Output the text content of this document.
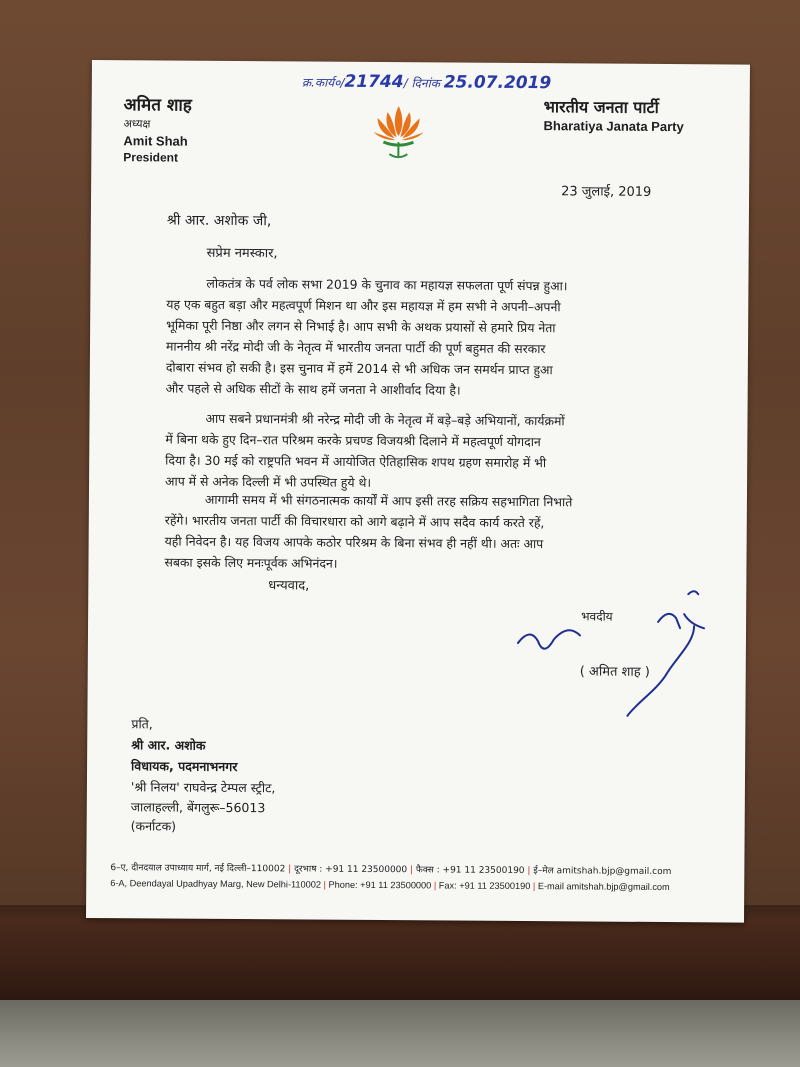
क्र.कार्य०/21744/ दिनांक 25.07.2019
अमित शाह
अध्यक्ष
Amit Shah
President
भारतीय जनता पार्टी
Bharatiya Janata Party
23 जुलाई, 2019
श्री आर. अशोक जी,
सप्रेम नमस्कार,
लोकतंत्र के पर्व लोक सभा 2019 के चुनाव का महायज्ञ सफलता पूर्ण संपन्न हुआ।
यह एक बहुत बड़ा और महत्वपूर्ण मिशन था और इस महायज्ञ में हम सभी ने अपनी–अपनी
भूमिका पूरी निष्ठा और लगन से निभाई है। आप सभी के अथक प्रयासों से हमारे प्रिय नेता
माननीय श्री नरेंद्र मोदी जी के नेतृत्व में भारतीय जनता पार्टी की पूर्ण बहुमत की सरकार
दोबारा संभव हो सकी है। इस चुनाव में हमें 2014 से भी अधिक जन समर्थन प्राप्त हुआ
और पहले से अधिक सीटों के साथ हमें जनता ने आशीर्वाद दिया है।
आप सबने प्रधानमंत्री श्री नरेन्द्र मोदी जी के नेतृत्व में बड़े–बड़े अभियानों, कार्यक्रमों
में बिना थके हुए दिन–रात परिश्रम करके प्रचण्ड विजयश्री दिलाने में महत्वपूर्ण योगदान
दिया है। 30 मई को राष्ट्रपति भवन में आयोजित ऐतिहासिक शपथ ग्रहण समारोह में भी
आप में से अनेक दिल्ली में भी उपस्थित हुये थे।
आगामी समय में भी संगठनात्मक कार्यों में आप इसी तरह सक्रिय सहभागिता निभाते
रहेंगे। भारतीय जनता पार्टी की विचारधारा को आगे बढ़ाने में आप सदैव कार्य करते रहें,
यही निवेदन है। यह विजय आपके कठोर परिश्रम के बिना संभव ही नहीं थी। अतः आप
सबका इसके लिए मनःपूर्वक अभिनंदन।
धन्यवाद,
भवदीय
( अमित शाह )
प्रति,
श्री आर. अशोक
विधायक, पदमनाभनगर
'श्री निलय' राघवेन्द्र टेम्पल स्ट्रीट,
जालाहल्ली, बेंगलुरू–56013
(कर्नाटक)
6–ए, दीनदयाल उपाध्याय मार्ग, नई दिल्ली–110002 | दूरभाष : +91 11 23500000 | फैक्स : +91 11 23500190 | ई–मेल amitshah.bjp@gmail.com
6-A, Deendayal Upadhyay Marg, New Delhi-110002 | Phone: +91 11 23500000 | Fax: +91 11 23500190 | E-mail amitshah.bjp@gmail.com
